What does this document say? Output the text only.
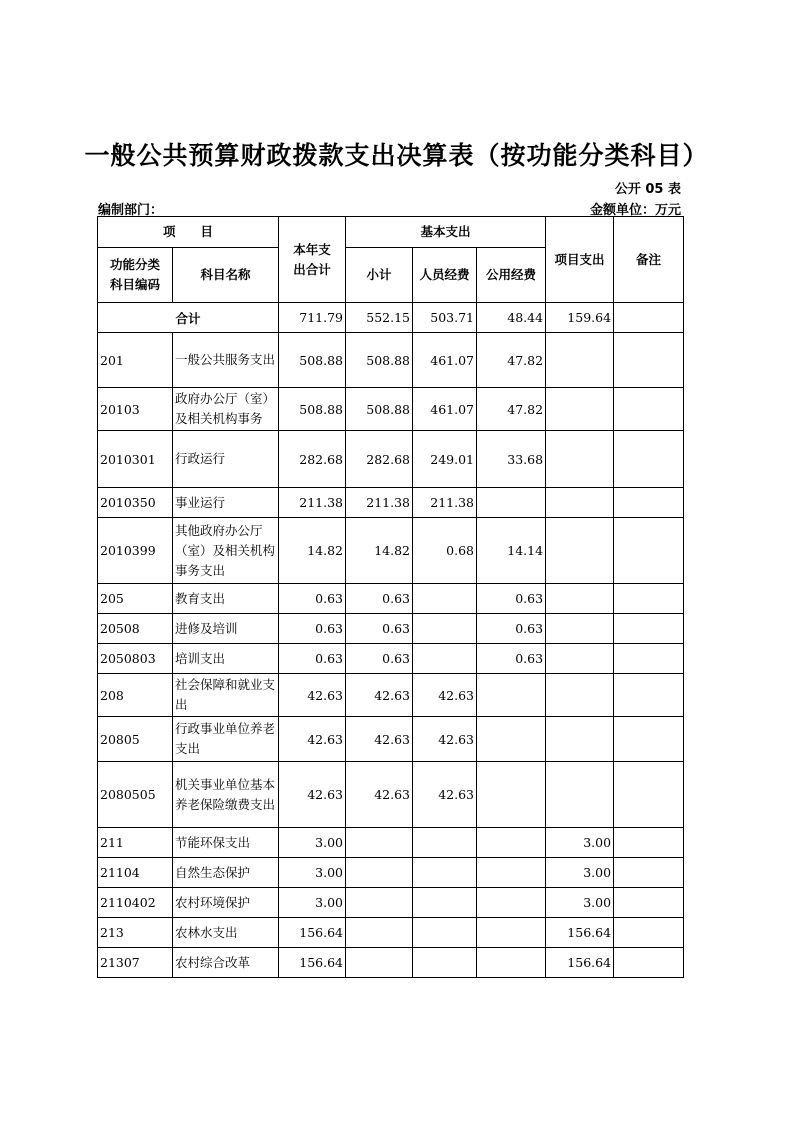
一般公共预算财政拨款支出决算表（按功能分类科目）
公开 05 表
编制部门：	金额单位：万元
项　　目		本年支出合计	基本支出			项目支出	备注
功能分类科目编码	科目名称		小计	人员经费	公用经费		
合计		711.79	552.15	503.71	48.44	159.64	
201	一般公共服务支出	508.88	508.88	461.07	47.82		
20103	政府办公厅（室）及相关机构事务	508.88	508.88	461.07	47.82		
2010301	行政运行	282.68	282.68	249.01	33.68		
2010350	事业运行	211.38	211.38	211.38			
2010399	其他政府办公厅（室）及相关机构事务支出	14.82	14.82	0.68	14.14		
205	教育支出	0.63	0.63		0.63		
20508	进修及培训	0.63	0.63		0.63		
2050803	培训支出	0.63	0.63		0.63		
208	社会保障和就业支出	42.63	42.63	42.63			
20805	行政事业单位养老支出	42.63	42.63	42.63			
2080505	机关事业单位基本养老保险缴费支出	42.63	42.63	42.63			
211	节能环保支出	3.00				3.00	
21104	自然生态保护	3.00				3.00	
2110402	农村环境保护	3.00				3.00	
213	农林水支出	156.64				156.64	
21307	农村综合改革	156.64				156.64	
